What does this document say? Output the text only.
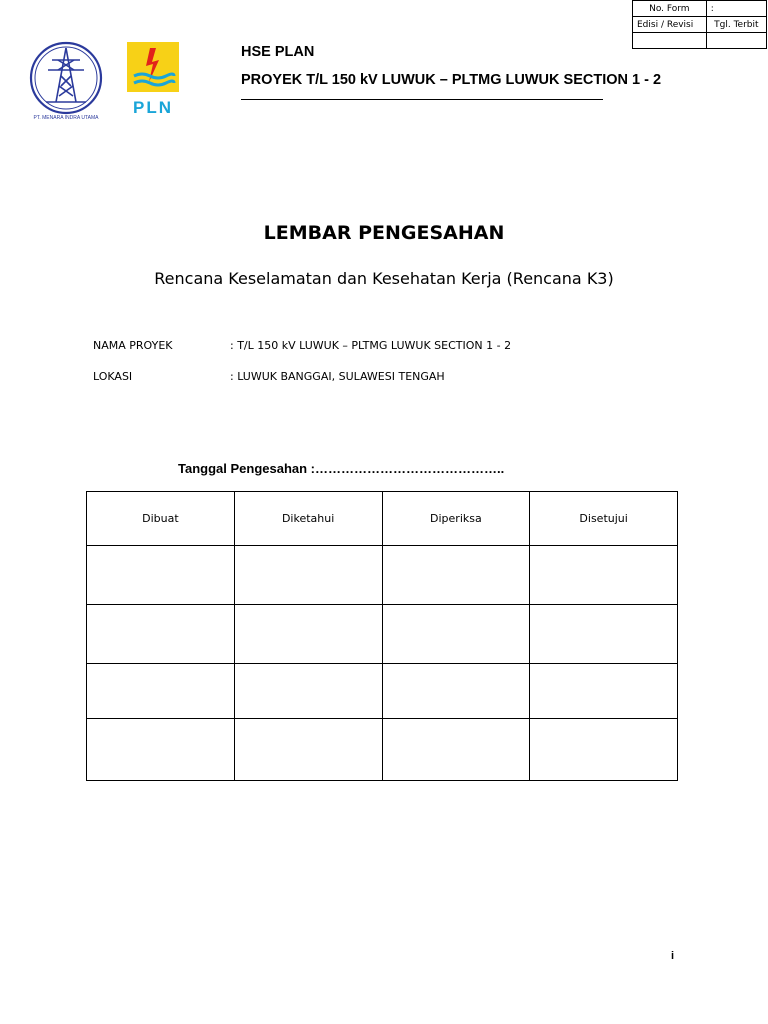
No. Form	:
Edisi / Revisi	Tgl. Terbit

PT. MENARA INDRA UTAMA
PLN
HSE PLAN
PROYEK T/L 150 kV LUWUK – PLTMG LUWUK SECTION 1 - 2
LEMBAR PENGESAHAN
Rencana Keselamatan dan Kesehatan Kerja (Rencana K3)
NAMA PROYEK	: T/L 150 kV LUWUK – PLTMG LUWUK SECTION 1 - 2
LOKASI	: LUWUK BANGGAI, SULAWESI TENGAH
Tanggal Pengesahan :……………………………………..
Dibuat	Diketahui	Diperiksa	Disetujui

i
